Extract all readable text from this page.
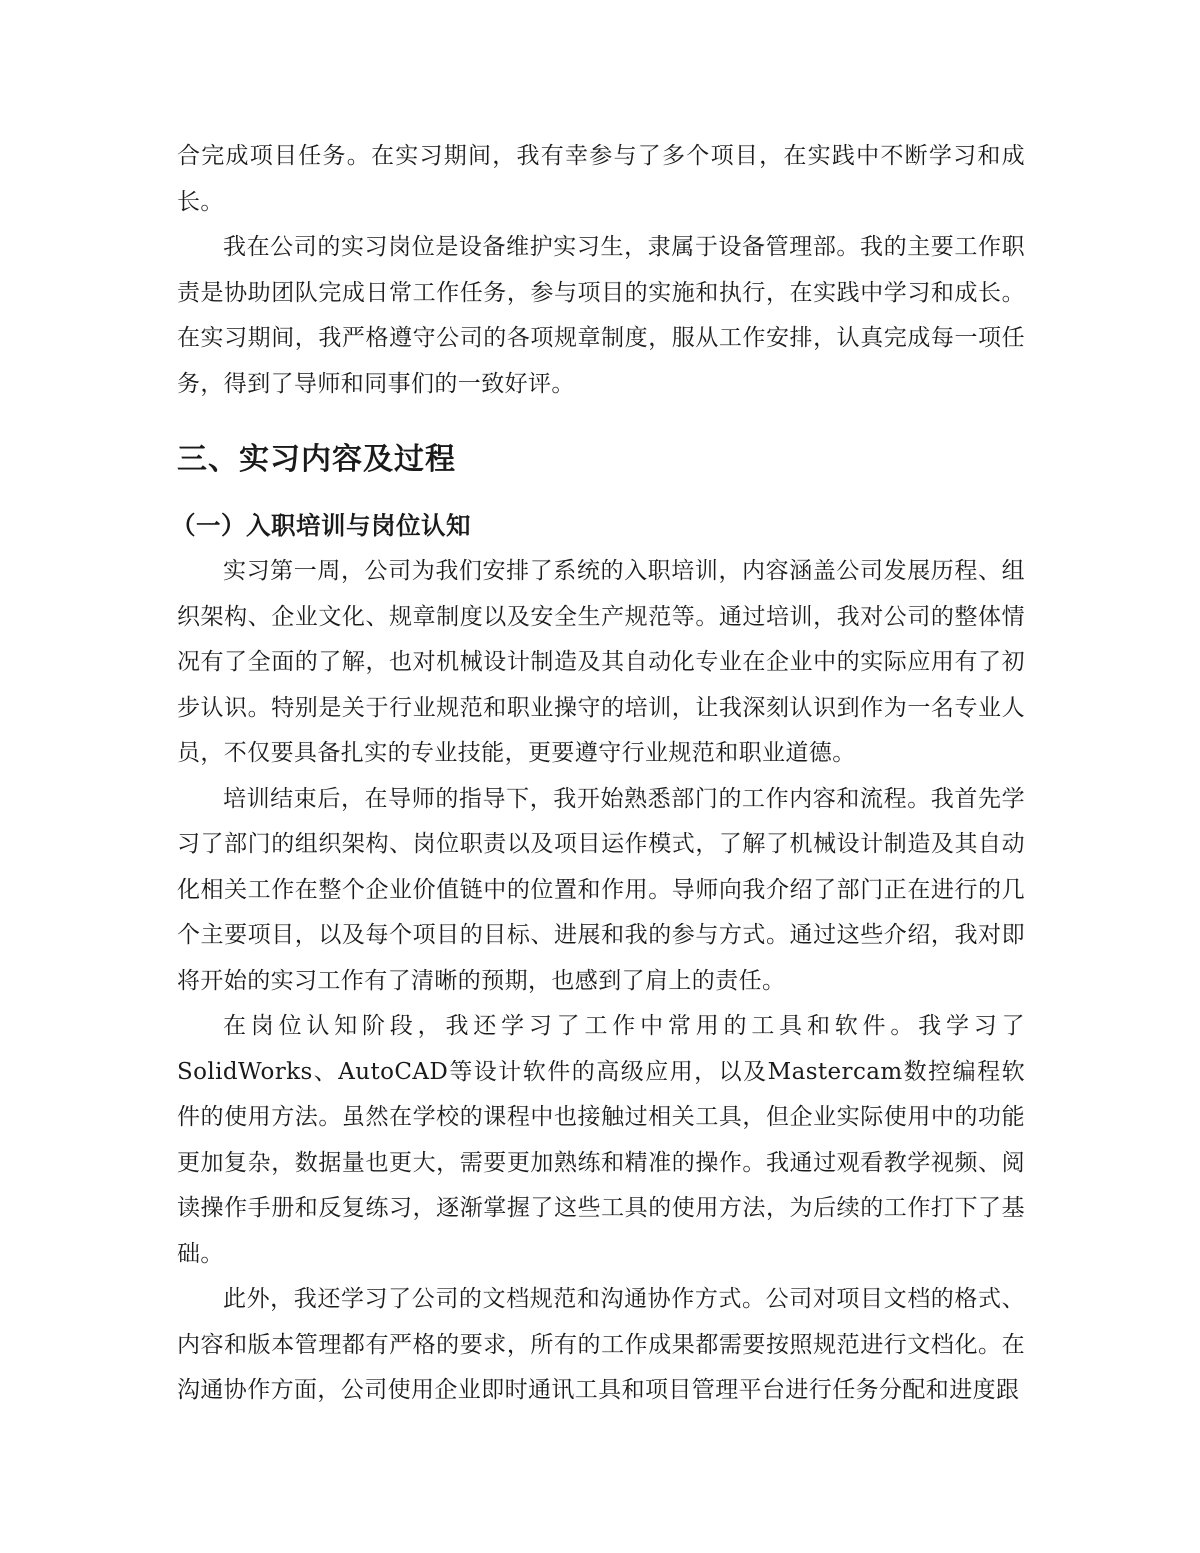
合完成项目任务。在实习期间，我有幸参与了多个项目，在实践中不断学习和成长。

我在公司的实习岗位是设备维护实习生，隶属于设备管理部。我的主要工作职责是协助团队完成日常工作任务，参与项目的实施和执行，在实践中学习和成长。在实习期间，我严格遵守公司的各项规章制度，服从工作安排，认真完成每一项任务，得到了导师和同事们的一致好评。

三、实习内容及过程
（一）入职培训与岗位认知

实习第一周，公司为我们安排了系统的入职培训，内容涵盖公司发展历程、组织架构、企业文化、规章制度以及安全生产规范等。通过培训，我对公司的整体情况有了全面的了解，也对机械设计制造及其自动化专业在企业中的实际应用有了初步认识。特别是关于行业规范和职业操守的培训，让我深刻认识到作为一名专业人员，不仅要具备扎实的专业技能，更要遵守行业规范和职业道德。

培训结束后，在导师的指导下，我开始熟悉部门的工作内容和流程。我首先学习了部门的组织架构、岗位职责以及项目运作模式，了解了机械设计制造及其自动化相关工作在整个企业价值链中的位置和作用。导师向我介绍了部门正在进行的几个主要项目，以及每个项目的目标、进展和我的参与方式。通过这些介绍，我对即将开始的实习工作有了清晰的预期，也感到了肩上的责任。

在岗位认知阶段，我还学习了工作中常用的工具和软件。我学习了SolidWorks、AutoCAD等设计软件的高级应用，以及Mastercam数控编程软件的使用方法。虽然在学校的课程中也接触过相关工具，但企业实际使用中的功能更加复杂，数据量也更大，需要更加熟练和精准的操作。我通过观看教学视频、阅读操作手册和反复练习，逐渐掌握了这些工具的使用方法，为后续的工作打下了基础。

此外，我还学习了公司的文档规范和沟通协作方式。公司对项目文档的格式、内容和版本管理都有严格的要求，所有的工作成果都需要按照规范进行文档化。在沟通协作方面，公司使用企业即时通讯工具和项目管理平台进行任务分配和进度跟
